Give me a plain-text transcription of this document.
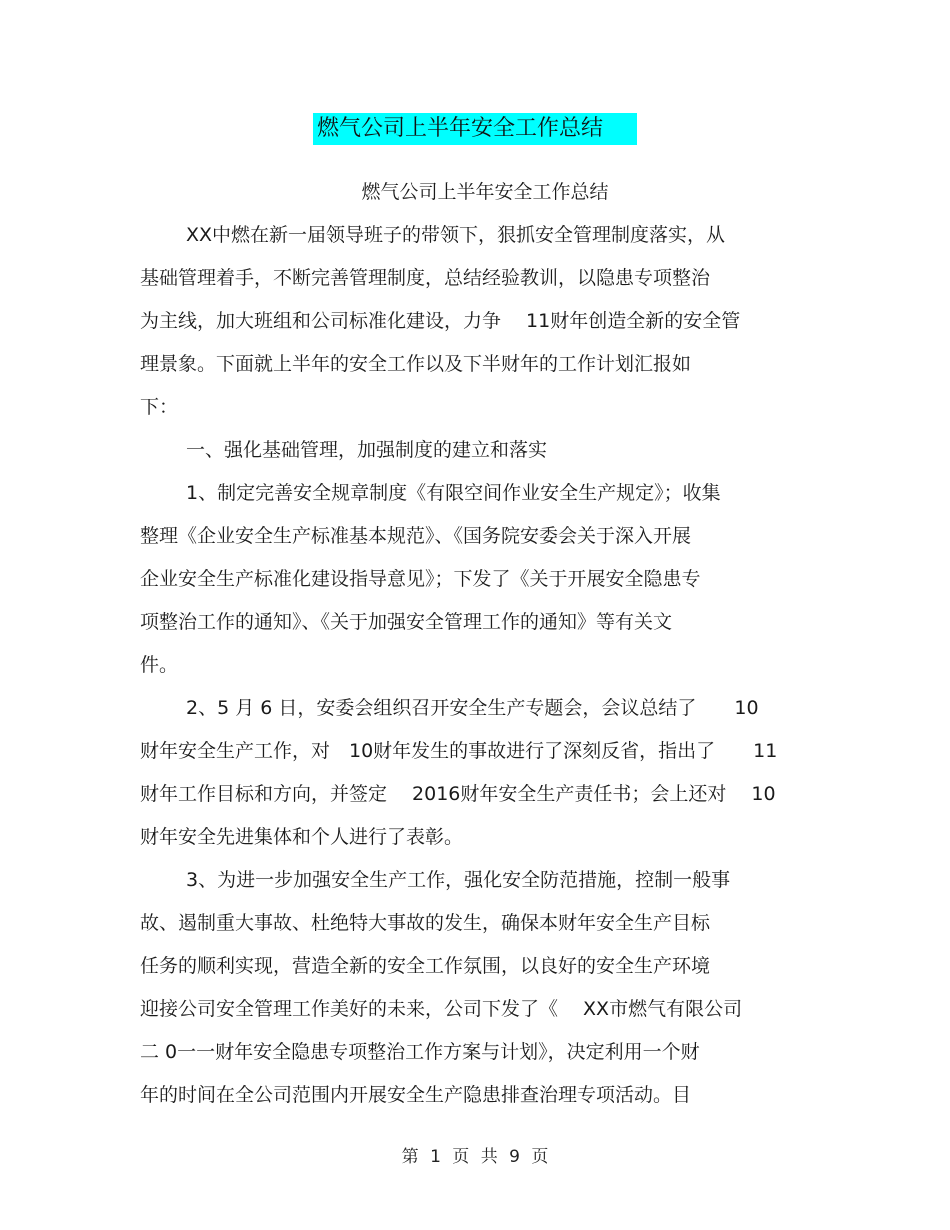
燃气公司上半年安全工作总结

燃气公司上半年安全工作总结

XX中燃在新一届领导班子的带领下，狠抓安全管理制度落实，从
基础管理着手，不断完善管理制度，总结经验教训，以隐患专项整治
为主线，加大班组和公司标准化建设，力争　 11财年创造全新的安全管
理景象。下面就上半年的安全工作以及下半财年的工作计划汇报如
下：

一、强化基础管理，加强制度的建立和落实

1、制定完善安全规章制度《有限空间作业安全生产规定》；收集
整理《企业安全生产标准基本规范》、《国务院安委会关于深入开展
企业安全生产标准化建设指导意见》；下发了《关于开展安全隐患专
项整治工作的通知》、《关于加强安全管理工作的通知》等有关文
件。

2、5 月 6 日，安委会组织召开安全生产专题会，会议总结了　　10
财年安全生产工作，对　10财年发生的事故进行了深刻反省，指出了　　11
财年工作目标和方向，并签定　 2016财年安全生产责任书；会上还对　 10
财年安全先进集体和个人进行了表彰。

3、为进一步加强安全生产工作，强化安全防范措施，控制一般事
故、遏制重大事故、杜绝特大事故的发生，确保本财年安全生产目标
任务的顺利实现，营造全新的安全工作氛围，以良好的安全生产环境
迎接公司安全管理工作美好的未来，公司下发了《　 XX市燃气有限公司
二 0一一财年安全隐患专项整治工作方案与计划》，决定利用一个财
年的时间在全公司范围内开展安全生产隐患排查治理专项活动。目

第 1 页 共 9 页
